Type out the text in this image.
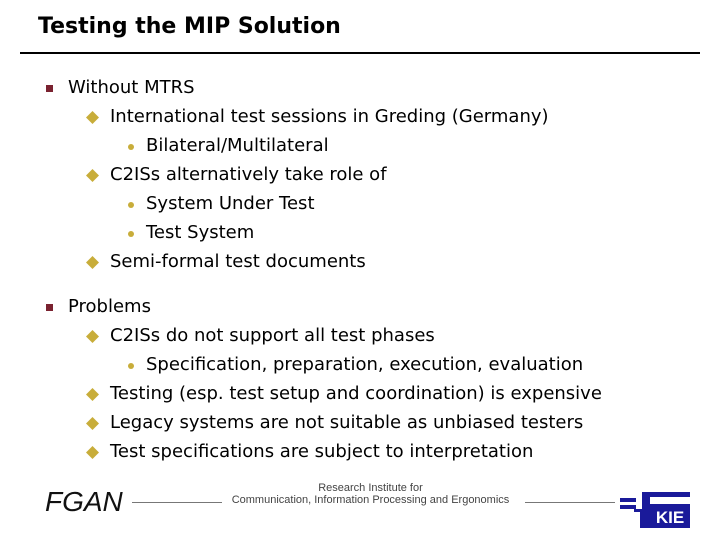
Testing the MIP Solution
Without MTRS
International test sessions in Greding (Germany)
Bilateral/Multilateral
C2ISs alternatively take role of
System Under Test
Test System
Semi-formal test documents
Problems
C2ISs do not support all test phases
Specification, preparation, execution, evaluation
Testing (esp. test setup and coordination) is expensive
Legacy systems are not suitable as unbiased testers
Test specifications are subject to interpretation
FGAN	Research Institute for
Communication, Information Processing and Ergonomics
KIE
